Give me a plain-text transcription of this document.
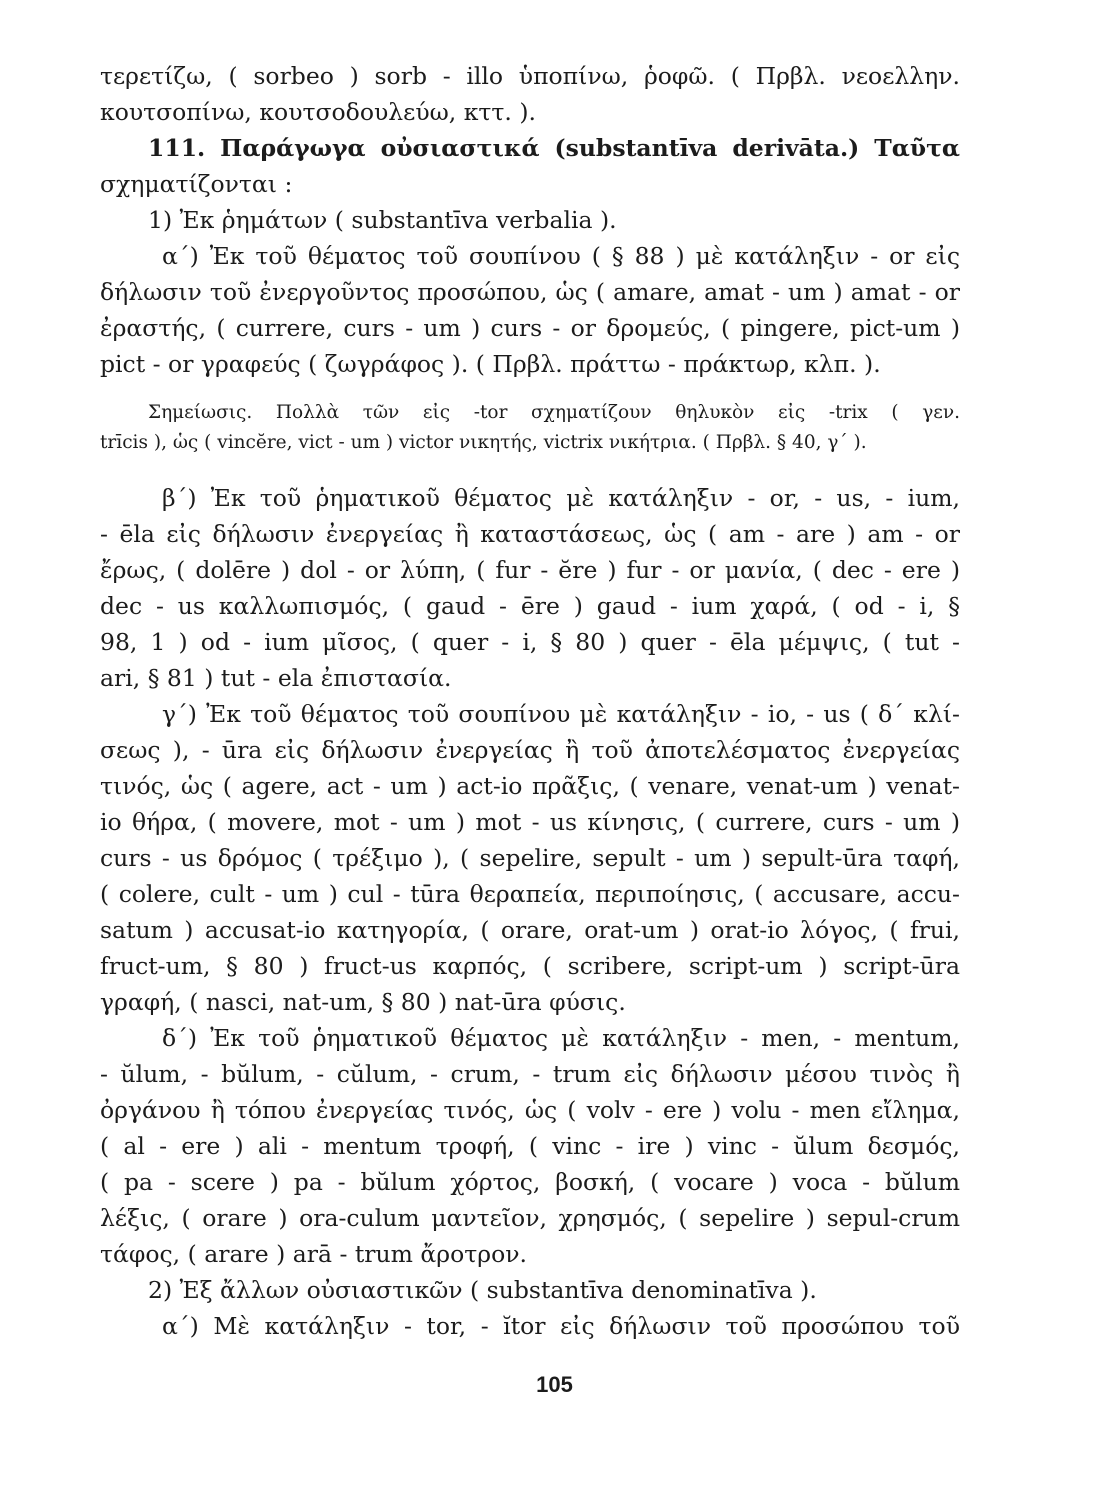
τερετίζω, ( sorbeo ) sorb - illo ὑποπίνω, ῥοφῶ. ( Πρβλ. νεοελλην.
κουτσοπίνω, κουτσοδουλεύω, κττ. ).
111. Παράγωγα οὐσιαστικά (substantīva derivāta.) Ταῦτα
σχηματίζονται :
1) Ἐκ ῥημάτων ( substantīva verbalia ).
α΄) Ἐκ τοῦ θέματος τοῦ σουπίνου ( § 88 ) μὲ κατάληξιν - or εἰς
δήλωσιν τοῦ ἐνεργοῦντος προσώπου, ὡς ( amare, amat - um ) amat - or
ἐραστής, ( currere, curs - um ) curs - or δρομεύς, ( pingere, pict-um )
pict - or γραφεύς ( ζωγράφος ). ( Πρβλ. πράττω - πράκτωρ, κλπ. ).
Σημείωσις. Πολλὰ τῶν εἰς -tor σχηματίζουν θηλυκὸν εἰς -trix ( γεν.
trīcis ), ὡς ( vincĕre, vict - um ) victor νικητής, victrix νικήτρια. ( Πρβλ. § 40, γ΄ ).
β΄) Ἐκ τοῦ ῥηματικοῦ θέματος μὲ κατάληξιν - or, - us, - ium,
- ēla εἰς δήλωσιν ἐνεργείας ἢ καταστάσεως, ὡς ( am - are ) am - or
ἔρως, ( dolēre ) dol - or λύπη, ( fur - ĕre ) fur - or μανία, ( dec - ere )
dec - us καλλωπισμός, ( gaud - ēre ) gaud - ium χαρά, ( od - i, §
98, 1 ) od - ium μῖσος, ( quer - i, § 80 ) quer - ēla μέμψις, ( tut -
ari, § 81 ) tut - ela ἐπιστασία.
γ΄) Ἐκ τοῦ θέματος τοῦ σουπίνου μὲ κατάληξιν - io, - us ( δ΄ κλί-
σεως ), - ūra εἰς δήλωσιν ἐνεργείας ἢ τοῦ ἀποτελέσματος ἐνεργείας
τινός, ὡς ( agere, act - um ) act-io πρᾶξις, ( venare, venat-um ) venat-
io θήρα, ( movere, mot - um ) mot - us κίνησις, ( currere, curs - um )
curs - us δρόμος ( τρέξιμο ), ( sepelire, sepult - um ) sepult-ūra ταφή,
( colere, cult - um ) cul - tūra θεραπεία, περιποίησις, ( accusare, accu-
satum ) accusat-io κατηγορία, ( orare, orat-um ) orat-io λόγος, ( frui,
fruct-um, § 80 ) fruct-us καρπός, ( scribere, script-um ) script-ūra
γραφή, ( nasci, nat-um, § 80 ) nat-ūra φύσις.
δ΄) Ἐκ τοῦ ῥηματικοῦ θέματος μὲ κατάληξιν - men, - mentum,
- ŭlum, - bŭlum, - cŭlum, - crum, - trum εἰς δήλωσιν μέσου τινὸς ἢ
ὀργάνου ἢ τόπου ἐνεργείας τινός, ὡς ( volv - ere ) volu - men εἴλημα,
( al - ere ) ali - mentum τροφή, ( vinc - ire ) vinc - ŭlum δεσμός,
( pa - scere ) pa - bŭlum χόρτος, βοσκή, ( vocare ) voca - bŭlum
λέξις, ( orare ) ora-culum μαντεῖον, χρησμός, ( sepelire ) sepul-crum
τάφος, ( arare ) arā - trum ἄροτρον.
2) Ἐξ ἄλλων οὐσιαστικῶν ( substantīva denominatīva ).
α΄) Μὲ κατάληξιν - tor, - ĭtor εἰς δήλωσιν τοῦ προσώπου τοῦ
105
